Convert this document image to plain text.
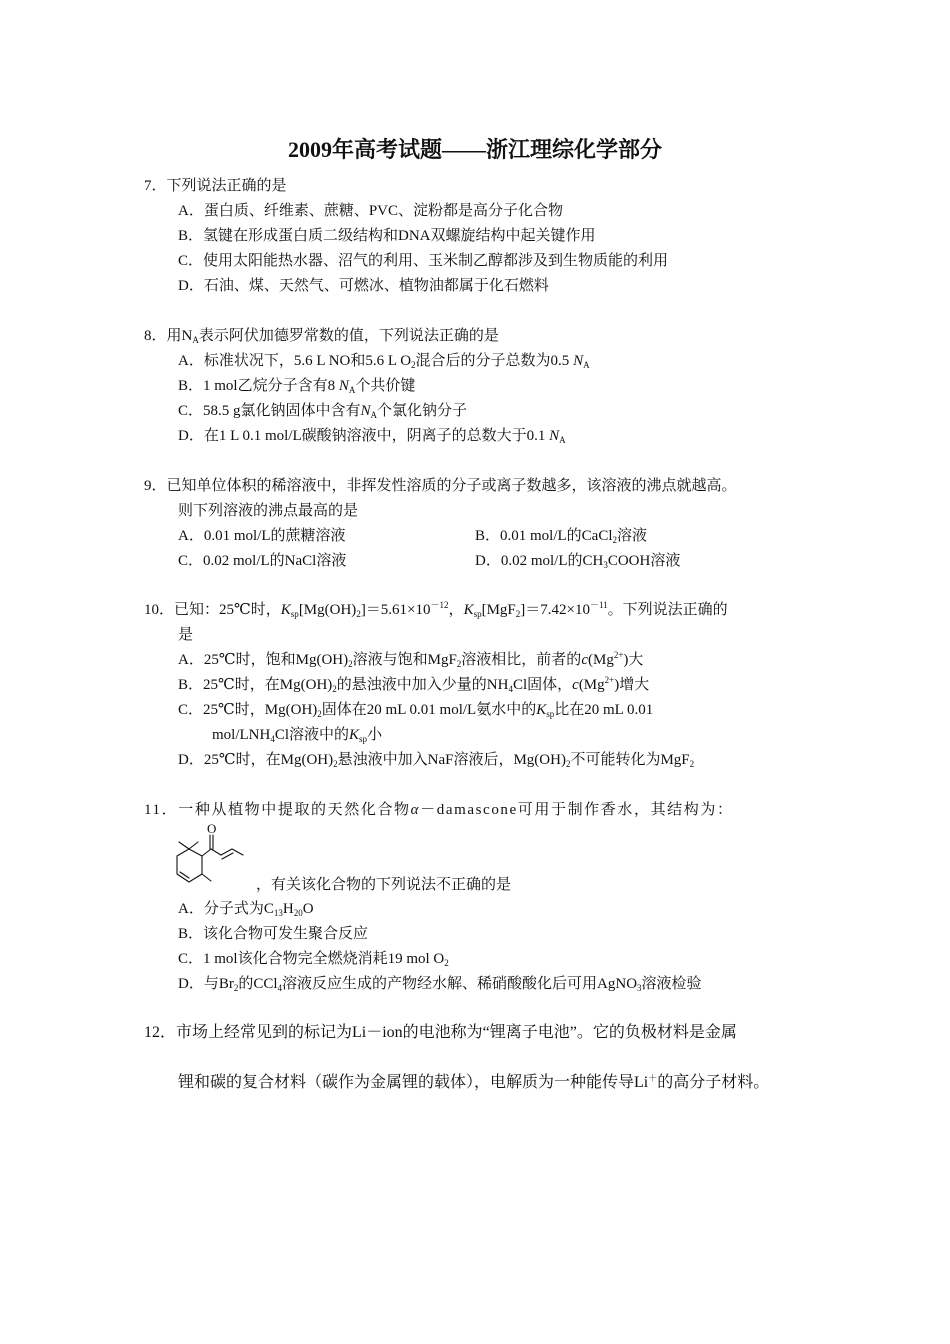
2009年高考试题——浙江理综化学部分
7．下列说法正确的是
A．蛋白质、纤维素、蔗糖、PVC、淀粉都是高分子化合物
B．氢键在形成蛋白质二级结构和DNA双螺旋结构中起关键作用
C．使用太阳能热水器、沼气的利用、玉米制乙醇都涉及到生物质能的利用
D．石油、煤、天然气、可燃冰、植物油都属于化石燃料
8．用$N_A$表示阿伏加德罗常数的值，下列说法正确的是
A．标准状况下，5.6 L NO和5.6 L $O_2$混合后的分子总数为0.5 $N_A$
B．1 mol乙烷分子含有8 $N_A$个共价键
C．58.5 g氯化钠固体中含有$N_A$个氯化钠分子
D．在1 L 0.1 mol/L碳酸钠溶液中，阴离子的总数大于0.1 $N_A$
9．已知单位体积的稀溶液中，非挥发性溶质的分子或离子数越多，该溶液的沸点就越高。
则下列溶液的沸点最高的是
A．0.01 mol/L的蔗糖溶液	B．0.01 mol/L的CaCl$_2$溶液
C．0.02 mol/L的NaCl溶液	D．0.02 mol/L的$CH_3COOH$溶液
10．已知：25℃时，$K_{sp}[Mg(OH)_2]=5.61\times 10^{-12}$，$K_{sp}[MgF_2]=7.42\times 10^{-11}$。下列说法正确的
是
A．25℃时，饱和$Mg(OH)_2$溶液与饱和MgF$_2$溶液相比，前者的$c(Mg^{2+})$大
B．25℃时，在$Mg(OH)_2$的悬浊液中加入少量的$NH_4Cl$固体，$c(Mg^{2+})$增大
C．25℃时，$Mg(OH)_2$固体在20 mL 0.01 mol/L氨水中的$K_{sp}$比在20 mL 0.01
mol/$LNH_4Cl$溶液中的$K_{sp}$小
D．25℃时，在$Mg(OH)_2$悬浊液中加入NaF溶液后，$Mg(OH)_2$不可能转化为MgF$_2$
11．一种从植物中提取的天然化合物α－damascone可用于制作香水，其结构为：
O
，有关该化合物的下列说法不正确的是
A．分子式为$C_{13}H_{20}O$
B．该化合物可发生聚合反应
C．1 mol该化合物完全燃烧消耗19 mol $O_2$
D．与$Br_2$的CCl$_4$溶液反应生成的产物经水解、稀硝酸酸化后可用AgNO$_3$溶液检验
12．市场上经常见到的标记为Li－ion的电池称为“锂离子电池”。它的负极材料是金属
锂和碳的复合材料（碳作为金属锂的载体），电解质为一种能传导Li＋的高分子材料。
